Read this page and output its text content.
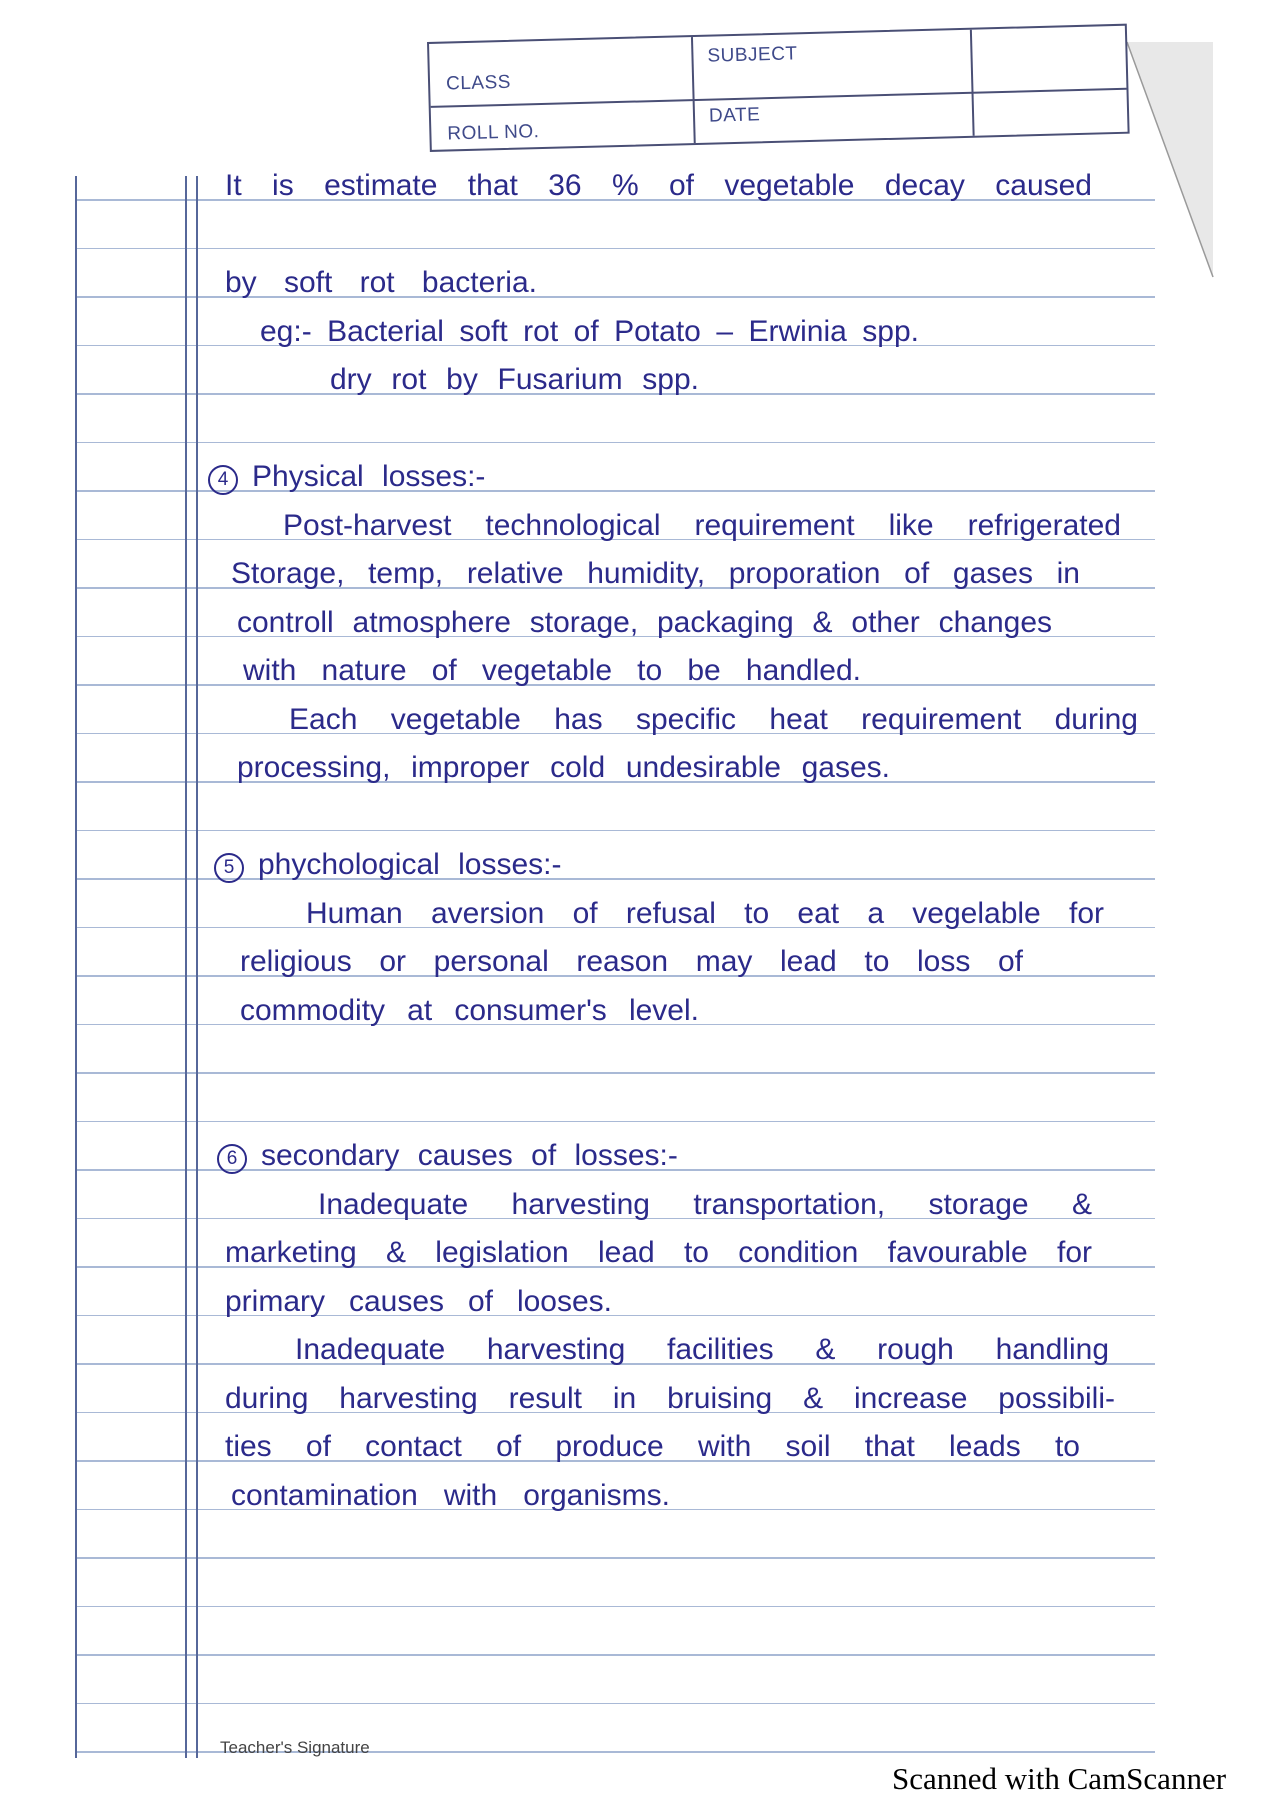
CLASS
ROLL NO.
SUBJECT
DATE
It is estimate that 36 % of vegetable decay caused
by soft rot bacteria.
eg:- Bacterial soft rot of Potato – Erwinia spp.
dry rot by Fusarium spp.
4 Physical losses:-
Post-harvest technological requirement like refrigerated
Storage, temp, relative humidity, proporation of gases in
controll atmosphere storage, packaging & other changes
with nature of vegetable to be handled.
Each vegetable has specific heat requirement during
processing, improper cold undesirable gases.
5 phychological losses:-
Human aversion of refusal to eat a vegelable for
religious or personal reason may lead to loss of
commodity at consumer's level.
6 secondary causes of losses:-
Inadequate harvesting transportation, storage &
marketing & legislation lead to condition favourable for
primary causes of looses.
Inadequate harvesting facilities & rough handling
during harvesting result in bruising & increase possibili-
ties of contact of produce with soil that leads to
contamination with organisms.
Teacher's Signature
Scanned with CamScanner
